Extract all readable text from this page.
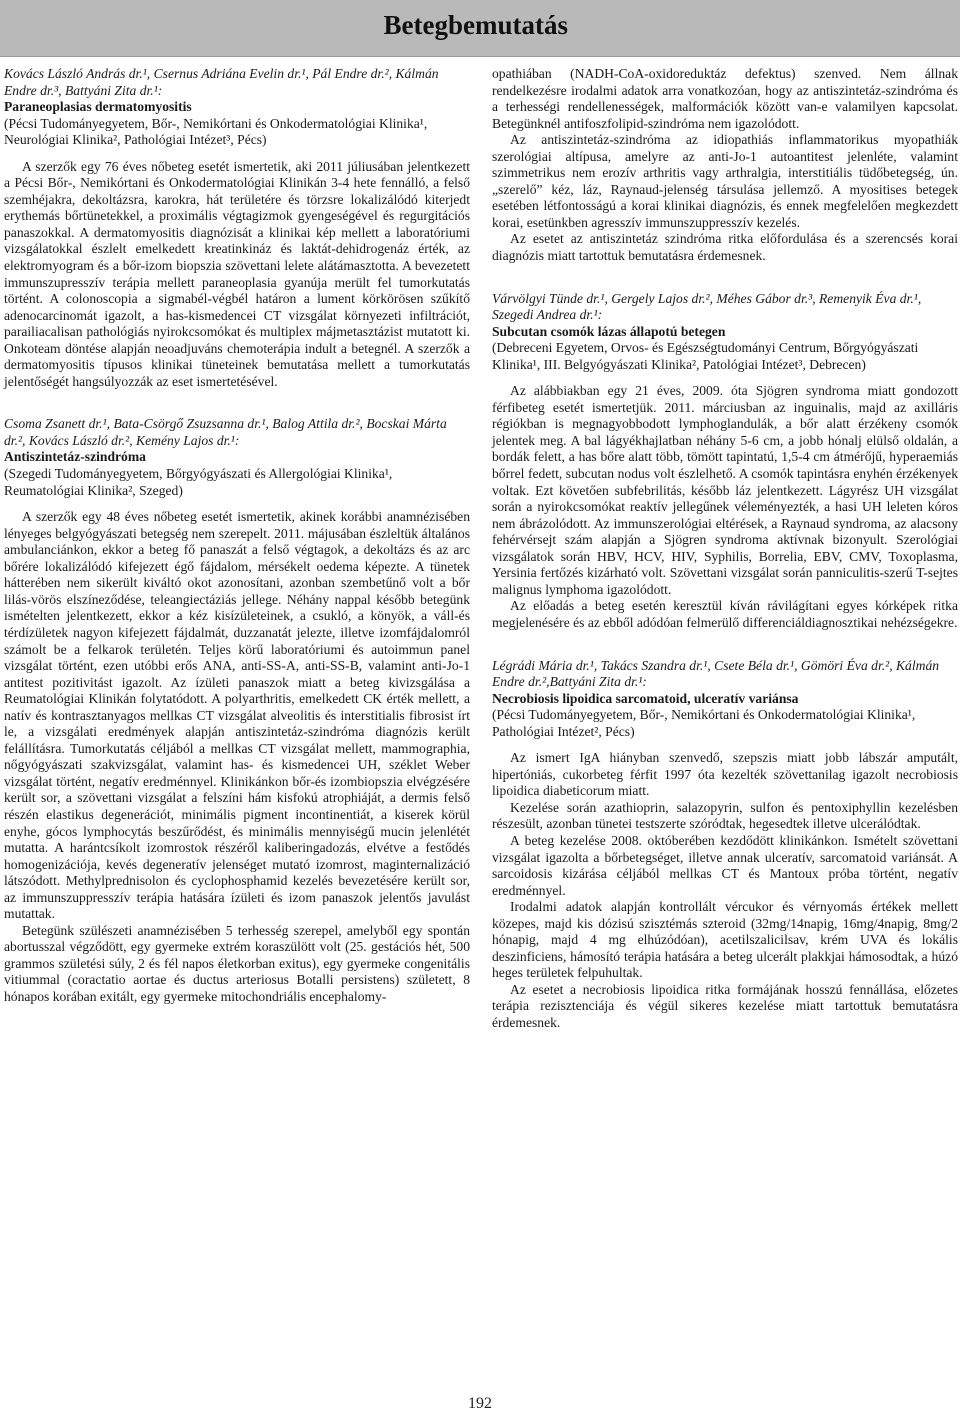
Betegbemutatás

Kovács László András dr.¹, Csernus Adriána Evelin dr.¹, Pál Endre dr.², Kálmán Endre dr.³, Battyáni Zita dr.¹:

Paraneoplasias dermatomyositis

(Pécsi Tudományegyetem, Bőr-, Nemikórtani és Onkodermatológiai Klinika¹, Neurológiai Klinika², Pathológiai Intézet³, Pécs)

A szerzők egy 76 éves nőbeteg esetét ismertetik, aki 2011 júliusában jelentkezett a Pécsi Bőr-, Nemikórtani és Onkodermatológiai Klinikán 3-4 hete fennálló, a felső szemhéjakra, dekoltázsra, karokra, hát területére és törzsre lokalizálódó kiterjedt erythemás bőrtünetekkel, a proximális végtagizmok gyengeségével és regurgitációs panaszokkal. A dermatomyositis diagnózisát a klinikai kép mellett a laboratóriumi vizsgálatokkal észlelt emelkedett kreatinkináz és laktát-dehidrogenáz érték, az elektromyogram és a bőr-izom biopszia szövettani lelete alátámasztotta. A bevezetett immunszupresszív terápia mellett paraneoplasia gyanúja merült fel tumorkutatás történt. A colonoscopia a sigmabél-végbél határon a lument körkörösen szűkítő adenocarcinomát igazolt, a has-kismedencei CT vizsgálat környezeti infiltrációt, parailiacalisan pathológiás nyirokcsomókat és multiplex májmetasztázist mutatott ki. Onkoteam döntése alapján neoadjuváns chemoterápia indult a betegnél. A szerzők a dermatomyositis típusos klinikai tüneteinek bemutatása mellett a tumorkutatás jelentőségét hangsúlyozzák az eset ismertetésével.

Csoma Zsanett dr.¹, Bata-Csörgő Zsuzsanna dr.¹, Balog Attila dr.², Bocskai Márta dr.², Kovács László dr.², Kemény Lajos dr.¹:

Antiszintetáz-szindróma

(Szegedi Tudományegyetem, Bőrgyógyászati és Allergológiai Klinika¹, Reumatológiai Klinika², Szeged)

A szerzők egy 48 éves nőbeteg esetét ismertetik, akinek korábbi anamnézisében lényeges belgyógyászati betegség nem szerepelt. 2011. májusában észleltük általános ambulanciánkon, ekkor a beteg fő panaszát a felső végtagok, a dekoltázs és az arc bőrére lokalizálódó kifejezett égő fájdalom, mérsékelt oedema képezte. A tünetek hátterében nem sikerült kiváltó okot azonosítani, azonban szembetűnő volt a bőr lilás-vörös elszíneződése, teleangiectáziás jellege. Néhány nappal később betegünk ismételten jelentkezett, ekkor a kéz kisízületeinek, a csukló, a könyök, a váll-és térdízületek nagyon kifejezett fájdalmát, duzzanatát jelezte, illetve izomfájdalomról számolt be a felkarok területén. Teljes körű laboratóriumi és autoimmun panel vizsgálat történt, ezen utóbbi erős ANA, anti-SS-A, anti-SS-B, valamint anti-Jo-1 antitest pozitivitást igazolt. Az ízületi panaszok miatt a beteg kivizsgálása a Reumatológiai Klinikán folytatódott. A polyarthritis, emelkedett CK érték mellett, a natív és kontrasztanyagos mellkas CT vizsgálat alveolitis és interstitialis fibrosist írt le, a vizsgálati eredmények alapján antiszintetáz-szindróma diagnózis került felállításra. Tumorkutatás céljából a mellkas CT vizsgálat mellett, mammographia, nőgyógyászati szakvizsgálat, valamint has- és kismedencei UH, széklet Weber vizsgálat történt, negatív eredménnyel. Klinikánkon bőr-és izombiopszia elvégzésére került sor, a szövettani vizsgálat a felszíni hám kisfokú atrophiáját, a dermis felső részén elastikus degenerációt, minimális pigment incontinentiát, a kiserek körül enyhe, gócos lymphocytás beszűrődést, és minimális mennyiségű mucin jelenlétét mutatta. A harántcsíkolt izomrostok részéről kaliberingadozás, elvétve a festődés homogenizációja, kevés degeneratív jelenséget mutató izomrost, maginternalizáció látszódott. Methylprednisolon és cyclophosphamid kezelés bevezetésére került sor, az immunszuppresszív terápia hatására ízületi és izom panaszok jelentős javulást mutattak.

Betegünk szülészeti anamnézisében 5 terhesség szerepel, amelyből egy spontán abortusszal végződött, egy gyermeke extrém koraszülött volt (25. gestációs hét, 500 grammos születési súly, 2 és fél napos életkorban exitus), egy gyermeke congenitális vitiummal (coractatio aortae és ductus arteriosus Botalli persistens) született, 8 hónapos korában exitált, egy gyermeke mitochondriális encephalomy-

opathiában (NADH-CoA-oxidoreduktáz defektus) szenved. Nem állnak rendelkezésre irodalmi adatok arra vonatkozóan, hogy az antiszintetáz-szindróma és a terhességi rendellenességek, malformációk között van-e valamilyen kapcsolat. Betegünknél antifoszfolipid-szindróma nem igazolódott.

Az antiszintetáz-szindróma az idiopathiás inflammatorikus myopathiák szerológiai altípusa, amelyre az anti-Jo-1 autoantitest jelenléte, valamint szimmetrikus nem erozív arthritis vagy arthralgia, interstitiális tüdőbetegség, ún. „szerelő” kéz, láz, Raynaud-jelenség társulása jellemző. A myositises betegek esetében létfontosságú a korai klinikai diagnózis, és ennek megfelelően megkezdett korai, esetünkben agresszív immunszuppresszív kezelés.

Az esetet az antiszintetáz szindróma ritka előfordulása és a szerencsés korai diagnózis miatt tartottuk bemutatásra érdemesnek.

Várvölgyi Tünde dr.¹, Gergely Lajos dr.², Méhes Gábor dr.³, Remenyik Éva dr.¹, Szegedi Andrea dr.¹:

Subcutan csomók lázas állapotú betegen

(Debreceni Egyetem, Orvos- és Egészségtudományi Centrum, Bőrgyógyászati Klinika¹, III. Belgyógyászati Klinika², Patológiai Intézet³, Debrecen)

Az alábbiakban egy 21 éves, 2009. óta Sjögren syndroma miatt gondozott férfibeteg esetét ismertetjük. 2011. márciusban az inguinalis, majd az axilláris régiókban is megnagyobbodott lymphoglandulák, a bőr alatt érzékeny csomók jelentek meg. A bal lágyékhajlatban néhány 5-6 cm, a jobb hónalj elülső oldalán, a bordák felett, a has bőre alatt több, tömött tapintatú, 1,5-4 cm átmérőjű, hyperaemiás bőrrel fedett, subcutan nodus volt észlelhető. A csomók tapintásra enyhén érzékenyek voltak. Ezt követően subfebrilitás, később láz jelentkezett. Lágyrész UH vizsgálat során a nyirokcsomókat reaktív jellegűnek véleményezték, a hasi UH leleten kóros nem ábrázolódott. Az immunszerológiai eltérések, a Raynaud syndroma, az alacsony fehérvérsejt szám alapján a Sjögren syndroma aktívnak bizonyult. Szerológiai vizsgálatok során HBV, HCV, HIV, Syphilis, Borrelia, EBV, CMV, Toxoplasma, Yersinia fertőzés kizárható volt. Szövettani vizsgálat során panniculitis-szerű T-sejtes malignus lymphoma igazolódott.

Az előadás a beteg esetén keresztül kíván rávilágítani egyes kórképek ritka megjelenésére és az ebből adódóan felmerülő differenciáldiagnosztikai nehézségekre.

Légrádi Mária dr.¹, Takács Szandra dr.¹, Csete Béla dr.¹, Gömöri Éva dr.², Kálmán Endre dr.²,Battyáni Zita dr.¹:

Necrobiosis lipoidica sarcomatoid, ulceratív variánsa

(Pécsi Tudományegyetem, Bőr-, Nemikórtani és Onkodermatológiai Klinika¹, Pathológiai Intézet², Pécs)

Az ismert IgA hiányban szenvedő, szepszis miatt jobb lábszár amputált, hipertóniás, cukorbeteg férfit 1997 óta kezelték szövettanilag igazolt necrobiosis lipoidica diabeticorum miatt.

Kezelése során azathioprin, salazopyrin, sulfon és pentoxiphyllin kezelésben részesült, azonban tünetei testszerte szóródtak, hegesedtek illetve ulcerálódtak.

A beteg kezelése 2008. októberében kezdődött klinikánkon. Ismételt szövettani vizsgálat igazolta a bőrbetegséget, illetve annak ulceratív, sarcomatoid variánsát. A sarcoidosis kizárása céljából mellkas CT és Mantoux próba történt, negatív eredménnyel.

Irodalmi adatok alapján kontrollált vércukor és vérnyomás értékek mellett közepes, majd kis dózisú szisztémás szteroid (32mg/14napig, 16mg/4napig, 8mg/2 hónapig, majd 4 mg elhúzódóan), acetilszalicilsav, krém UVA és lokális deszinficiens, hámosító terápia hatására a beteg ulcerált plakkjai hámosodtak, a húzó heges területek felpuhultak.

Az esetet a necrobiosis lipoidica ritka formájának hosszú fennállása, előzetes terápia rezisztenciája és végül sikeres kezelése miatt tartottuk bemutatásra érdemesnek.

192
